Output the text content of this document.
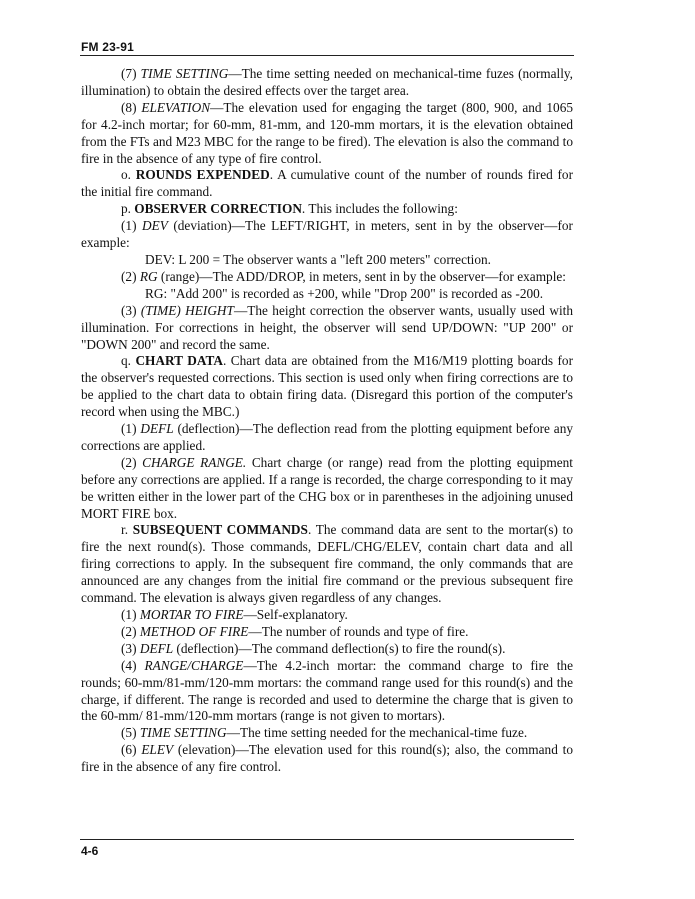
FM 23-91

(7) TIME SETTING—The time setting needed on mechanical-time fuzes (normally, illumination) to obtain the desired effects over the target area.

(8) ELEVATION—The elevation used for engaging the target (800, 900, and 1065 for 4.2-inch mortar; for 60-mm, 81-mm, and 120-mm mortars, it is the elevation obtained from the FTs and M23 MBC for the range to be fired). The elevation is also the command to fire in the absence of any type of fire control.

o. ROUNDS EXPENDED. A cumulative count of the number of rounds fired for the initial fire command.

p. OBSERVER CORRECTION. This includes the following:

(1) DEV (deviation)—The LEFT/RIGHT, in meters, sent in by the observer—for example:

DEV: L 200 = The observer wants a "left 200 meters" correction.

(2) RG (range)—The ADD/DROP, in meters, sent in by the observer—for example:

RG: "Add 200" is recorded as +200, while "Drop 200" is recorded as -200.

(3) (TIME) HEIGHT—The height correction the observer wants, usually used with illumination. For corrections in height, the observer will send UP/DOWN: "UP 200" or "DOWN 200" and record the same.

q. CHART DATA. Chart data are obtained from the M16/M19 plotting boards for the observer's requested corrections. This section is used only when firing corrections are to be applied to the chart data to obtain firing data. (Disregard this portion of the computer's record when using the MBC.)

(1) DEFL (deflection)—The deflection read from the plotting equipment before any corrections are applied.

(2) CHARGE RANGE. Chart charge (or range) read from the plotting equipment before any corrections are applied. If a range is recorded, the charge corresponding to it may be written either in the lower part of the CHG box or in parentheses in the adjoining unused MORT FIRE box.

r. SUBSEQUENT COMMANDS. The command data are sent to the mortar(s) to fire the next round(s). Those commands, DEFL/CHG/ELEV, contain chart data and all firing corrections to apply. In the subsequent fire command, the only commands that are announced are any changes from the initial fire command or the previous subsequent fire command. The elevation is always given regardless of any changes.

(1) MORTAR TO FIRE—Self-explanatory.

(2) METHOD OF FIRE—The number of rounds and type of fire.

(3) DEFL (deflection)—The command deflection(s) to fire the round(s).

(4) RANGE/CHARGE—The 4.2-inch mortar: the command charge to fire the rounds; 60-mm/81-mm/120-mm mortars: the command range used for this round(s) and the charge, if different. The range is recorded and used to determine the charge that is given to the 60-mm/ 81-mm/120-mm mortars (range is not given to mortars).

(5) TIME SETTING—The time setting needed for the mechanical-time fuze.

(6) ELEV (elevation)—The elevation used for this round(s); also, the command to fire in the absence of any fire control.

4-6
